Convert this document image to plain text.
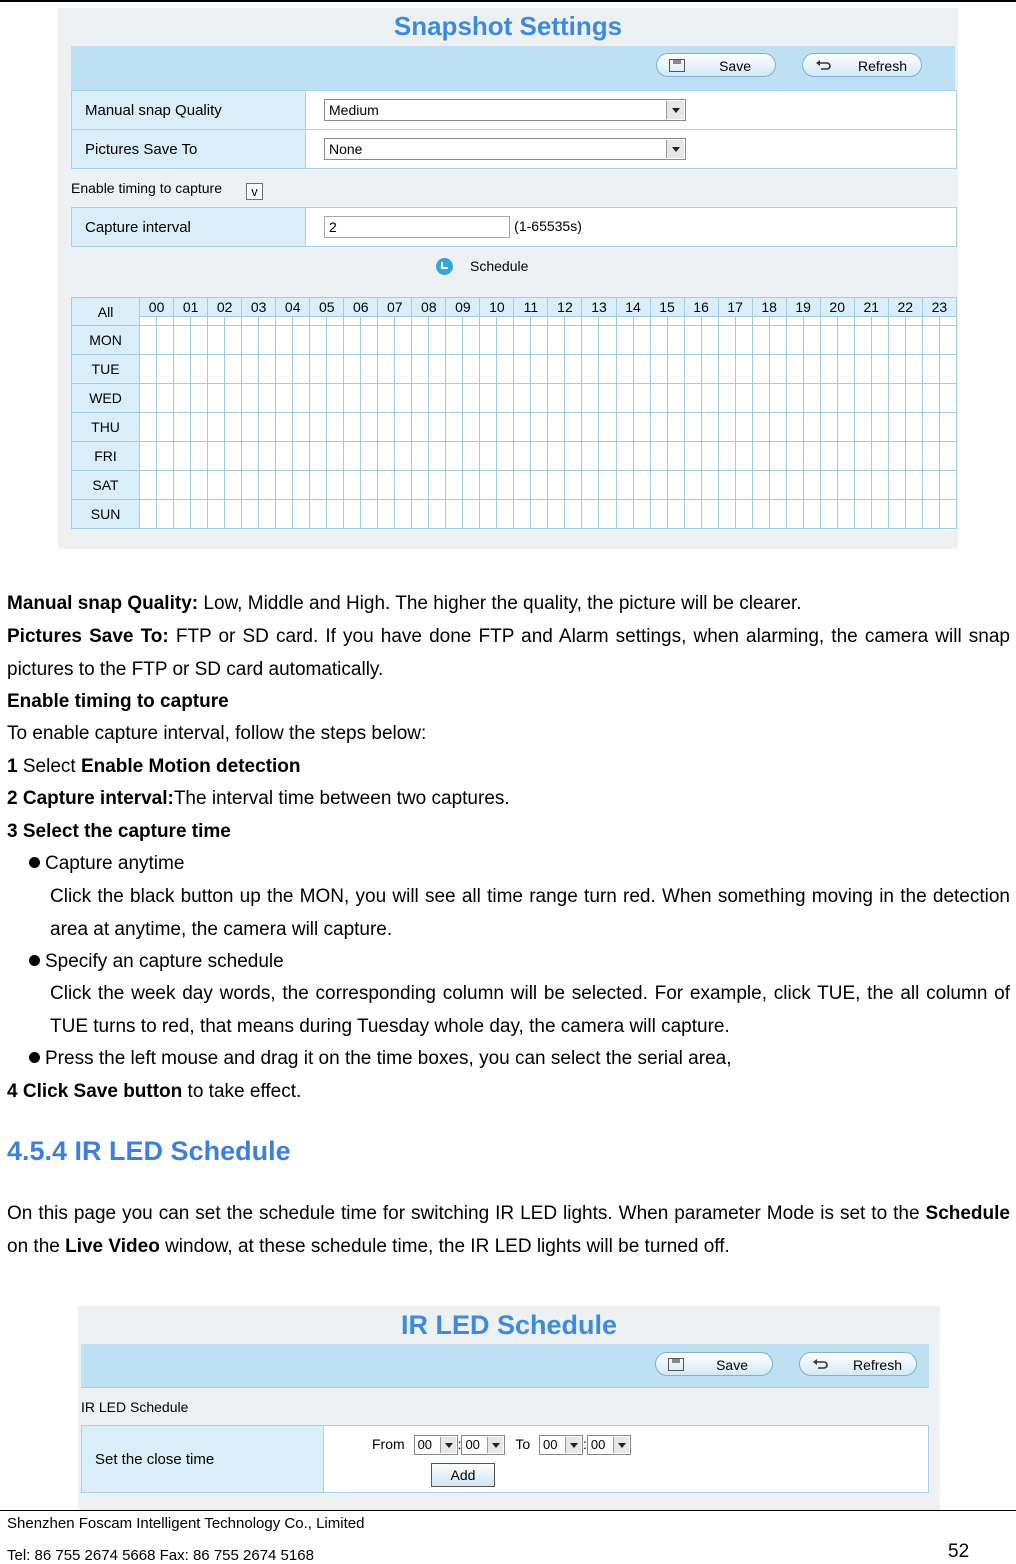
Snapshot Settings
Save	Refresh
Manual snap Quality	Medium

Pictures Save To	None
Enable timing to capture	v
Capture interval	2	(1-65535s)
Schedule
All	00		01		02		03		04		05		06		07		08		09		10		11		12		13		14		15		16		17		18		19		20		21		22		23	

MON																																																
TUE																																																
WED																																																
THU																																																
FRI																																																
SAT																																																
SUN																																																
Manual snap Quality: Low, Middle and High. The higher the quality, the picture will be clearer.
Pictures Save To: FTP or SD card. If you have done FTP and Alarm settings, when alarming, the camera will snap pictures to the FTP or SD card automatically.
Enable timing to capture
To enable capture interval, follow the steps below:
1 Select Enable Motion detection
2 Capture interval:The interval time between two captures.
3 Select the capture time
Capture anytime
Click the black button up the MON, you will see all time range turn red. When something moving in the detection area at anytime, the camera will capture.
Specify an capture schedule
Click the week day words, the corresponding column will be selected. For example, click TUE, the all column of TUE turns to red, that means during Tuesday whole day, the camera will capture.
Press the left mouse and drag it on the time boxes, you can select the serial area,
4 Click Save button to take effect.
4.5.4 IR LED Schedule
On this page you can set the schedule time for switching IR LED lights. When parameter Mode is set to the Schedule on the Live Video window, at these schedule time, the IR LED lights will be turned off.
IR LED Schedule
Save	Refresh
IR LED Schedule
Set the close time	
From 00 : 00	To 00 : 00
Add
Shenzhen Foscam Intelligent Technology Co., Limited
Tel: 86 755 2674 5668 Fax: 86 755 2674 5168	52
